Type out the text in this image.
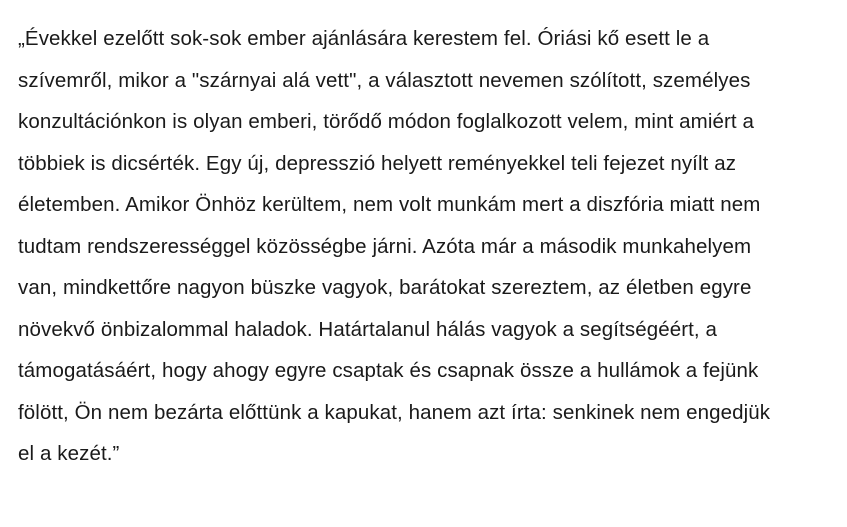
„Évekkel ezelőtt sok-sok ember ajánlására kerestem fel. Óriási kő esett le a szívemről, mikor a "szárnyai alá vett", a választott nevemen szólított, személyes konzultációnkon is olyan emberi, törődő módon foglalkozott velem, mint amiért a többiek is dicsérték. Egy új, depresszió helyett reményekkel teli fejezet nyílt az életemben. Amikor Önhöz kerültem, nem volt munkám mert a diszfória miatt nem tudtam rendszerességgel közösségbe járni. Azóta már a második munkahelyem van, mindkettőre nagyon büszke vagyok, barátokat szereztem, az életben egyre növekvő önbizalommal haladok. Határtalanul hálás vagyok a segítségéért, a támogatásáért, hogy ahogy egyre csaptak és csapnak össze a hullámok a fejünk fölött, Ön nem bezárta előttünk a kapukat, hanem azt írta: senkinek nem engedjük el a kezét.”
